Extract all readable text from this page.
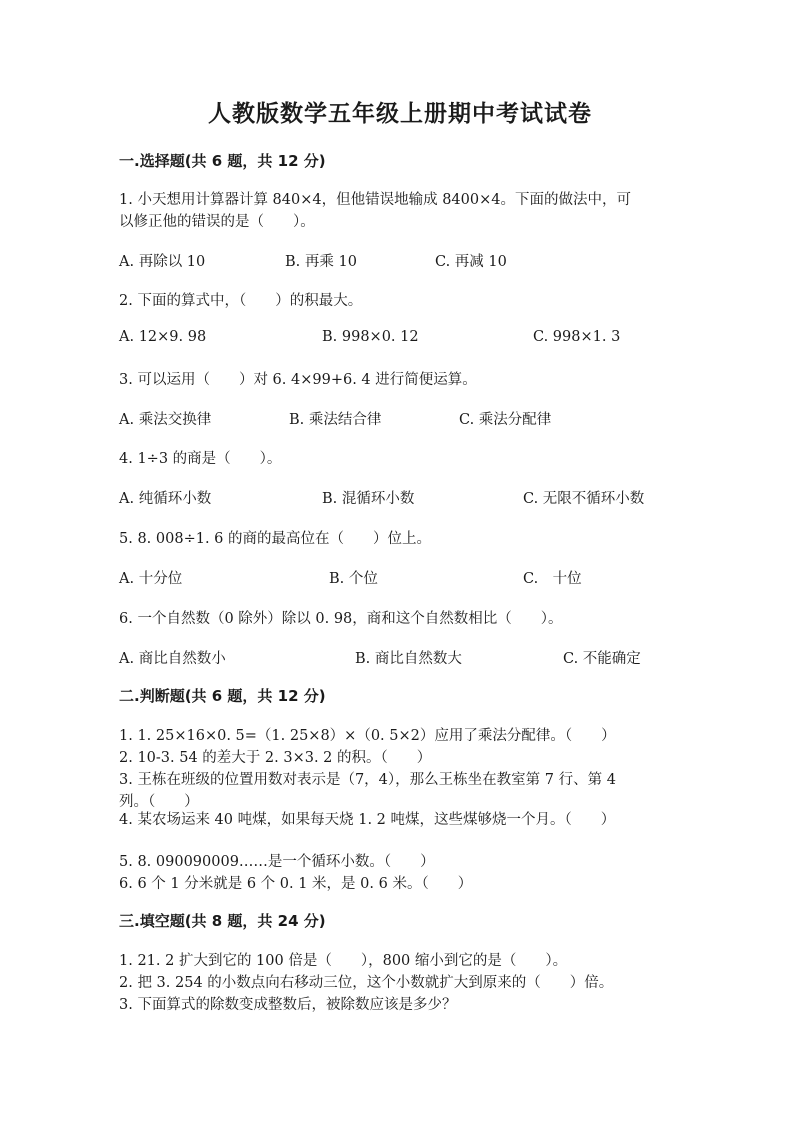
人教版数学五年级上册期中考试试卷
一.选择题(共 6 题，共 12 分)
1. 小天想用计算器计算 840×4，但他错误地输成 8400×4。下面的做法中，可
以修正他的错误的是（　　）。
A. 再除以 10	B. 再乘 10	C. 再减 10
2. 下面的算式中，（　　）的积最大。
A. 12×9. 98	B. 998×0. 12	C. 998×1. 3
3. 可以运用（　　）对 6. 4×99+6. 4 进行简便运算。
A. 乘法交换律	B. 乘法结合律	C. 乘法分配律
4. 1÷3 的商是（　　）。
A. 纯循环小数	B. 混循环小数	C. 无限不循环小数
5. 8. 008÷1. 6 的商的最高位在（　　）位上。
A. 十分位	B. 个位	C.　十位
6. 一个自然数（0 除外）除以 0. 98，商和这个自然数相比（　　）。
A. 商比自然数小	B. 商比自然数大	C. 不能确定
二.判断题(共 6 题，共 12 分)
1. 1. 25×16×0. 5=（1. 25×8）×（0. 5×2）应用了乘法分配律。（　　）
2. 10-3. 54 的差大于 2. 3×3. 2 的积。（　　）
3. 王栋在班级的位置用数对表示是（7，4），那么王栋坐在教室第 7 行、第 4
列。（　　）
4. 某农场运来 40 吨煤，如果每天烧 1. 2 吨煤，这些煤够烧一个月。（　　）
5. 8. 090090009……是一个循环小数。（　　）
6. 6 个 1 分米就是 6 个 0. 1 米，是 0. 6 米。（　　）
三.填空题(共 8 题，共 24 分)
1. 21. 2 扩大到它的 100 倍是（　　），800 缩小到它的是（　　）。
2. 把 3. 254 的小数点向右移动三位，这个小数就扩大到原来的（　　）倍。
3. 下面算式的除数变成整数后，被除数应该是多少？
